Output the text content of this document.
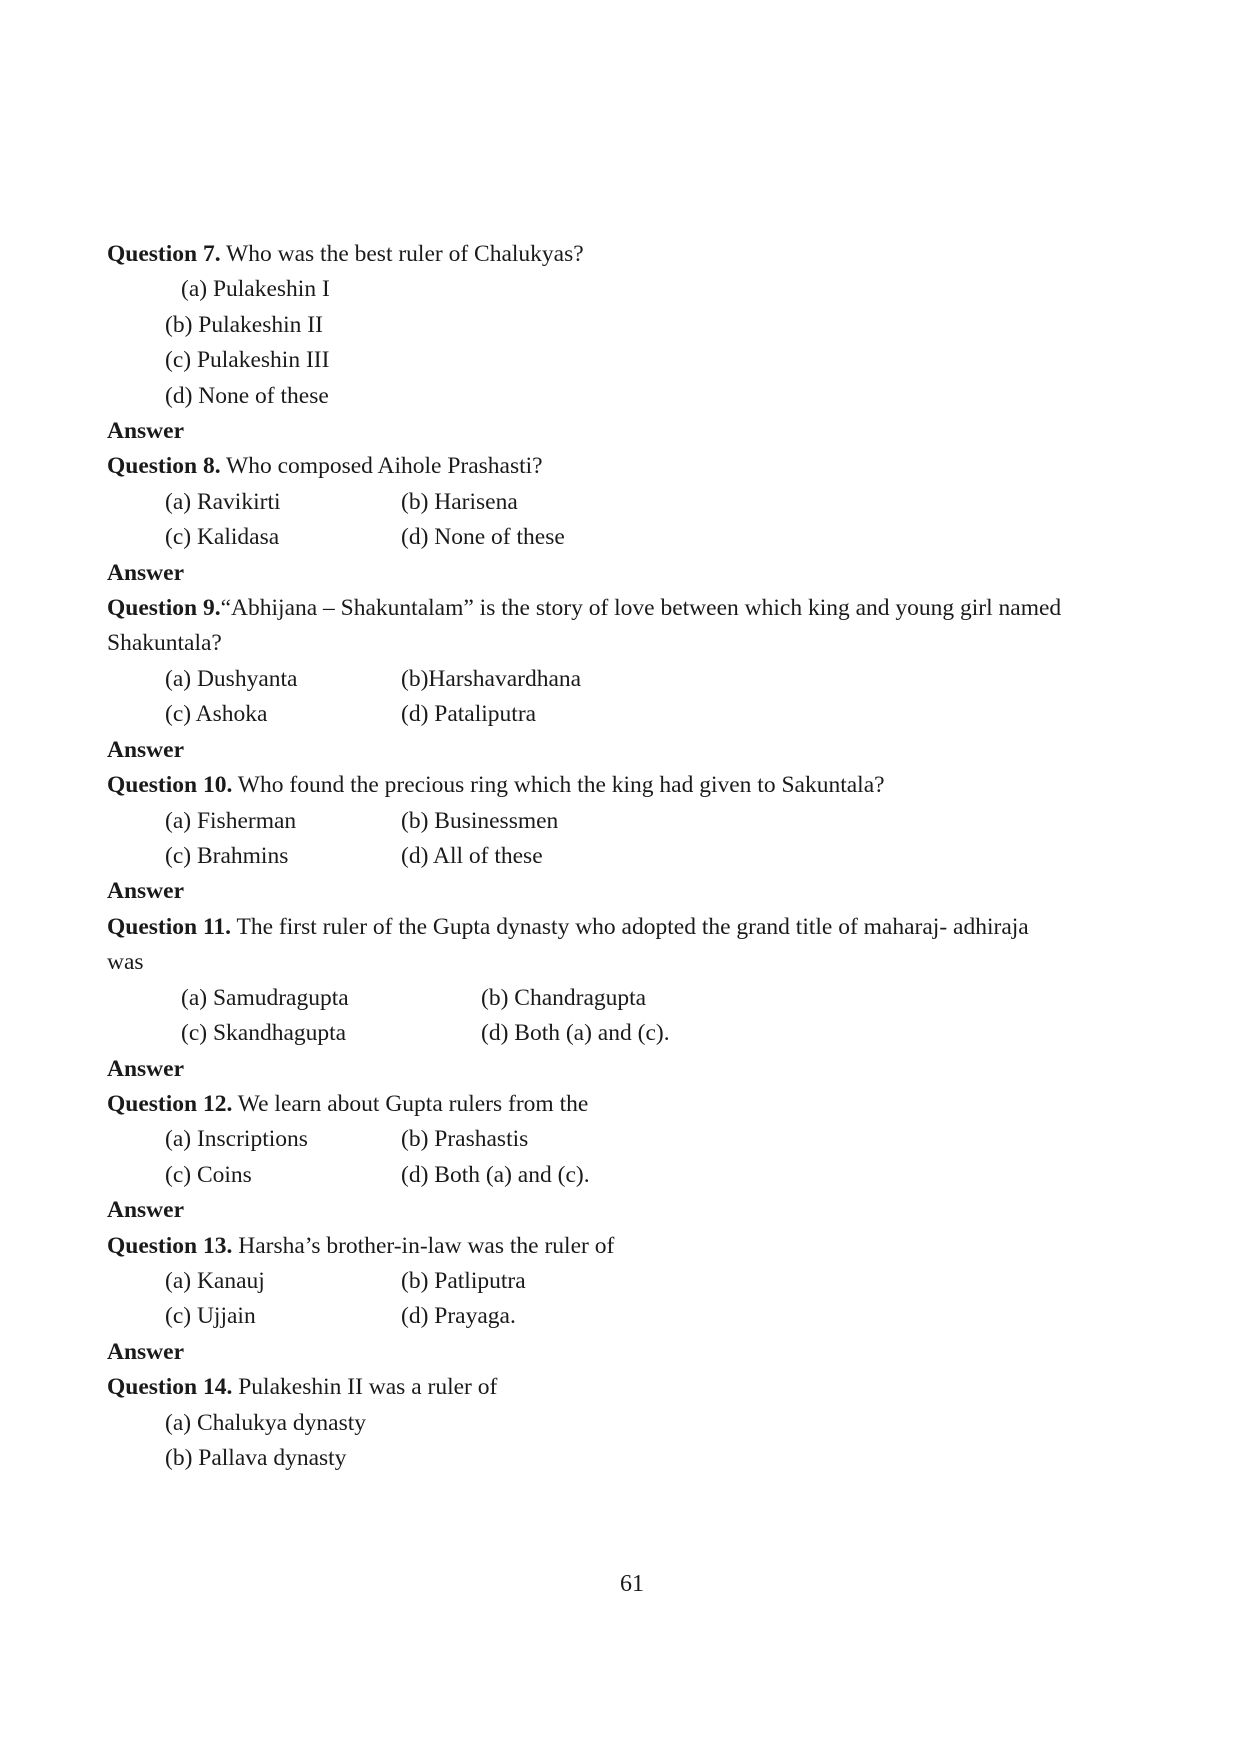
Question 7. Who was the best ruler of Chalukyas?
(a) Pulakeshin I
(b) Pulakeshin II
(c) Pulakeshin III
(d) None of these
Answer
Question 8. Who composed Aihole Prashasti?
(a) Ravikirti	(b) Harisena
(c) Kalidasa	(d) None of these
Answer
Question 9.“Abhijana – Shakuntalam” is the story of love between which king and young girl named
Shakuntala?
(a) Dushyanta	(b)Harshavardhana
(c) Ashoka	(d) Pataliputra
Answer
Question 10. Who found the precious ring which the king had given to Sakuntala?
(a) Fisherman	(b) Businessmen
(c) Brahmins	(d) All of these
Answer
Question 11. The first ruler of the Gupta dynasty who adopted the grand title of maharaj- adhiraja
was
(a) Samudragupta	(b) Chandragupta
(c) Skandhagupta	(d) Both (a) and (c).
Answer
Question 12. We learn about Gupta rulers from the
(a) Inscriptions	(b) Prashastis
(c) Coins	(d) Both (a) and (c).
Answer
Question 13. Harsha’s brother-in-law was the ruler of
(a) Kanauj	(b) Patliputra
(c) Ujjain	(d) Prayaga.
Answer
Question 14. Pulakeshin II was a ruler of
(a) Chalukya dynasty
(b) Pallava dynasty
61
